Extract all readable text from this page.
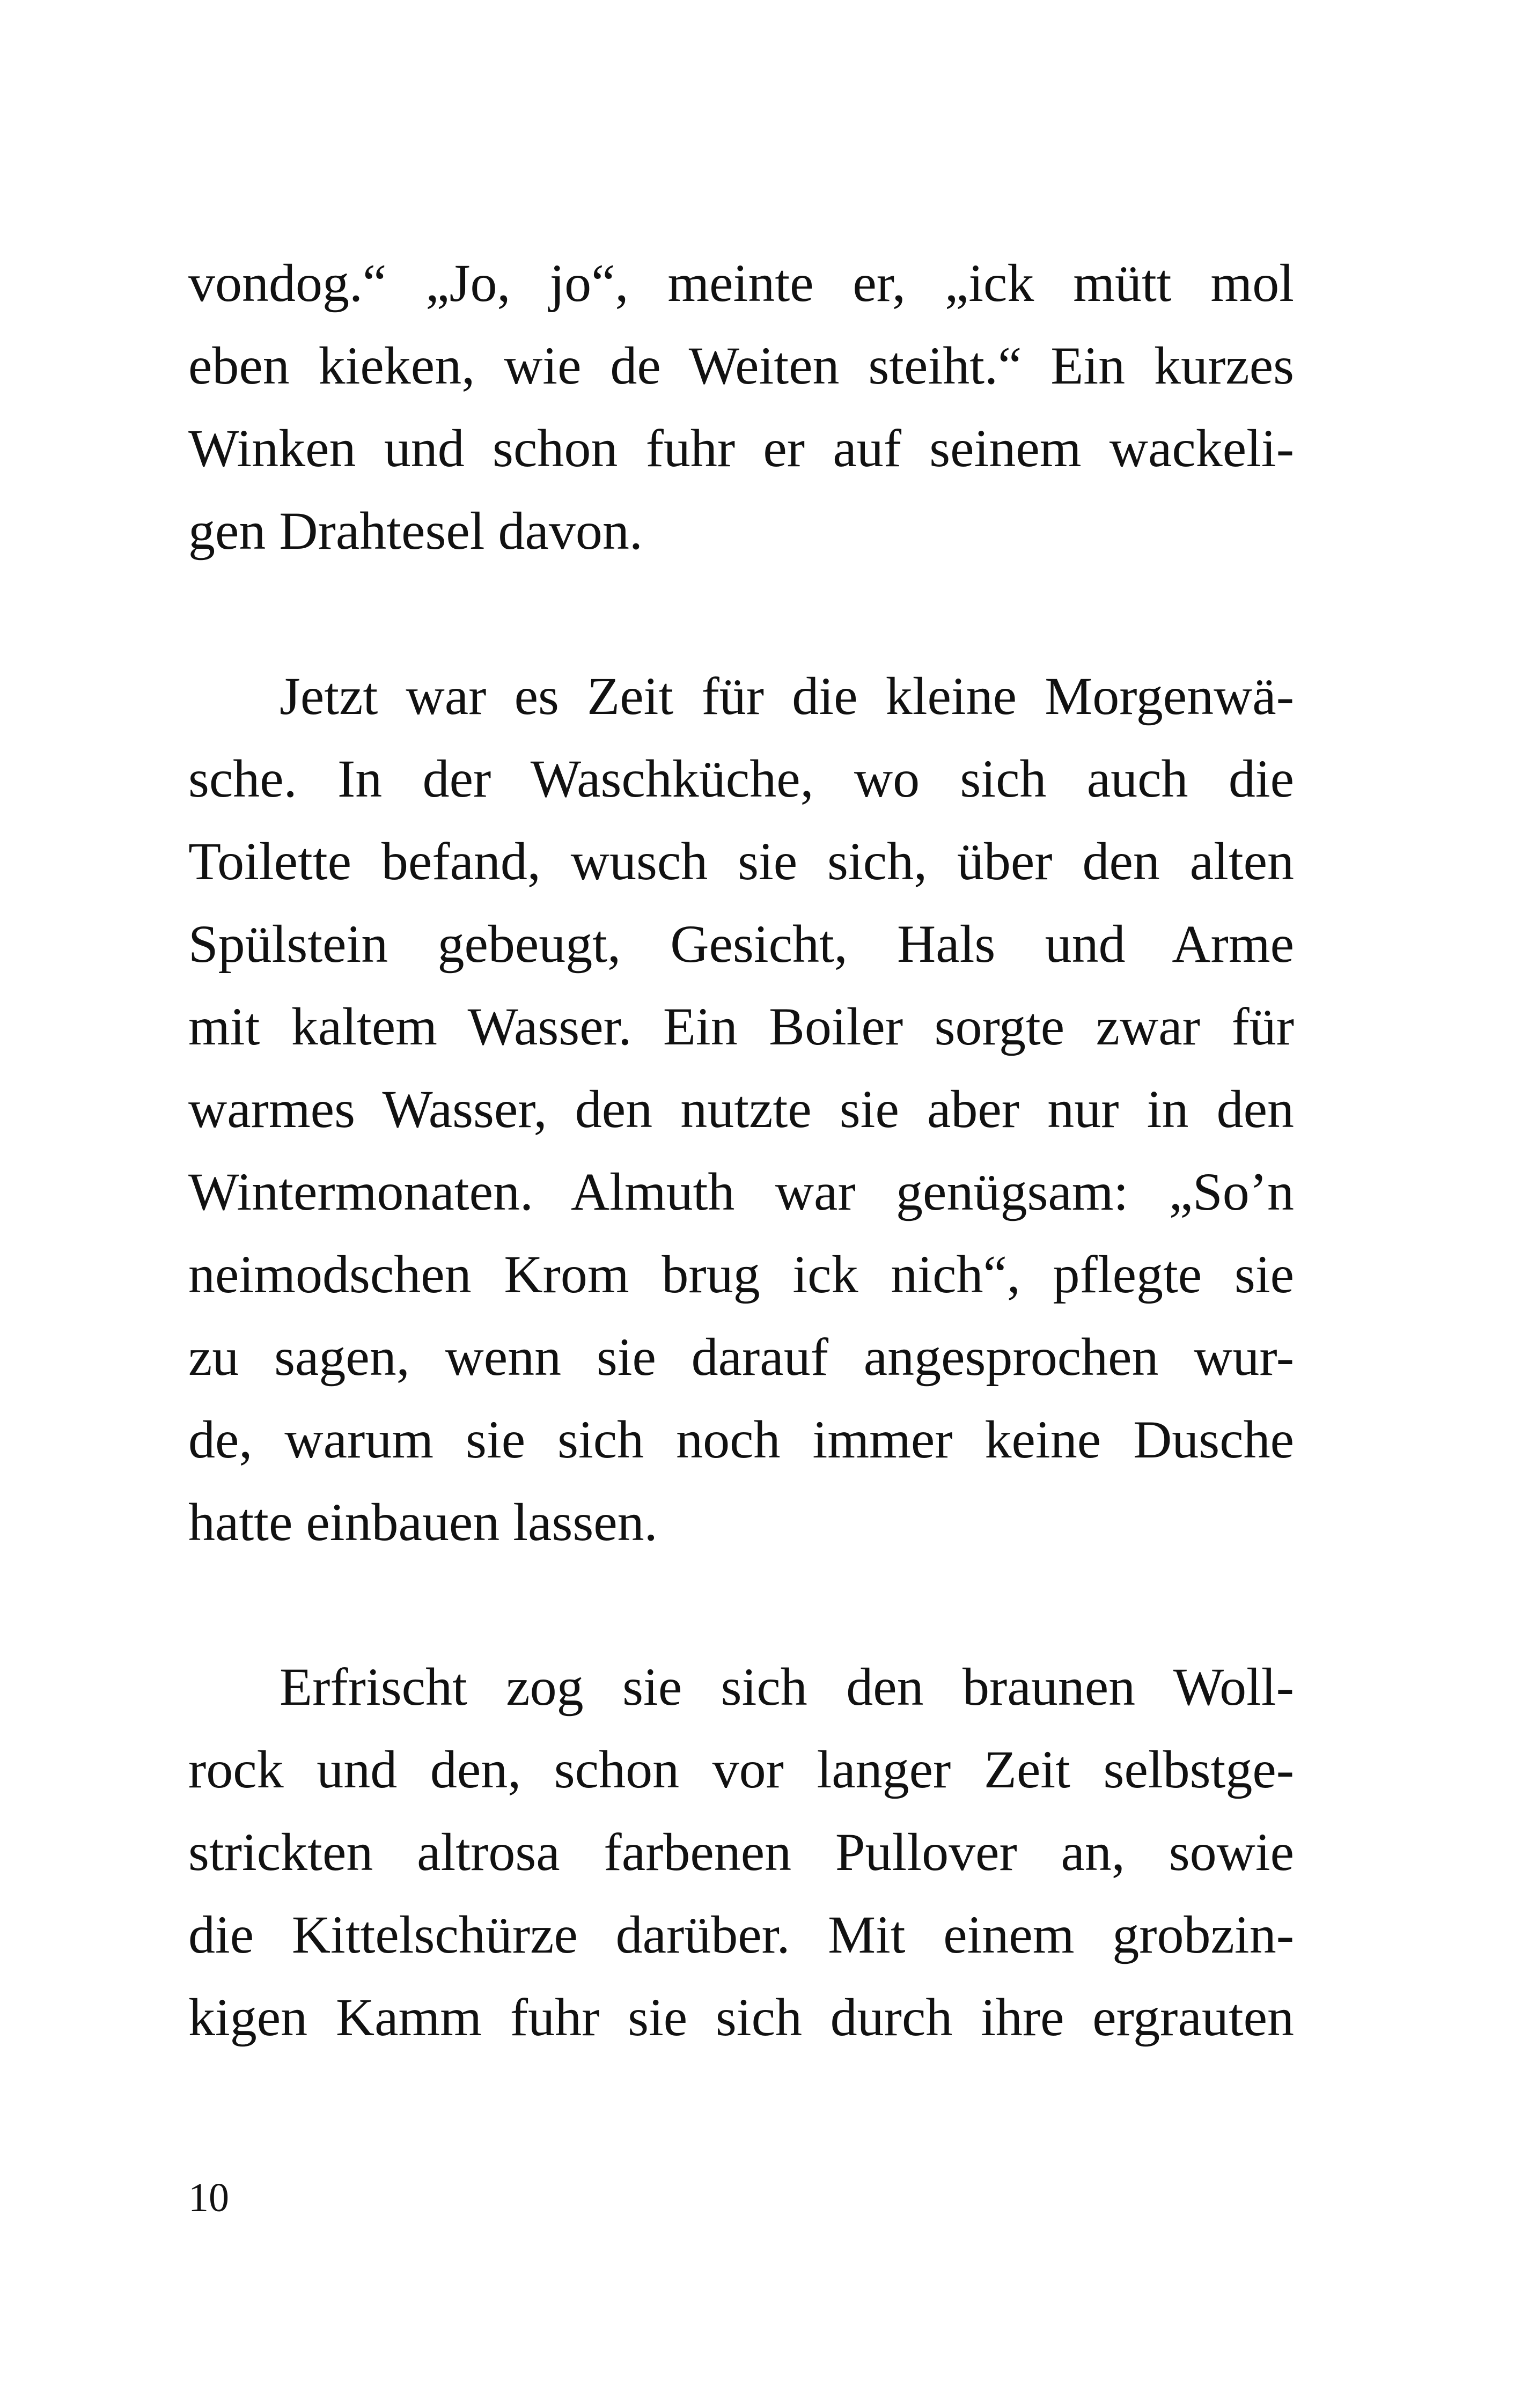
vondog.“ „Jo, jo“, meinte er, „ick mütt mol
eben kieken, wie de Weiten steiht.“ Ein kurzes
Winken und schon fuhr er auf seinem wackeli-
gen Drahtesel davon.
Jetzt war es Zeit für die kleine Morgenwä-
sche. In der Waschküche, wo sich auch die
Toilette befand, wusch sie sich, über den alten
Spülstein gebeugt, Gesicht, Hals und Arme
mit kaltem Wasser. Ein Boiler sorgte zwar für
warmes Wasser, den nutzte sie aber nur in den
Wintermonaten. Almuth war genügsam: „So’n
neimodschen Krom brug ick nich“, pflegte sie
zu sagen, wenn sie darauf angesprochen wur-
de, warum sie sich noch immer keine Dusche
hatte einbauen lassen.
Erfrischt zog sie sich den braunen Woll-
rock und den, schon vor langer Zeit selbstge-
strickten altrosa farbenen Pullover an, sowie
die Kittelschürze darüber. Mit einem grobzin-
kigen Kamm fuhr sie sich durch ihre ergrauten
10
